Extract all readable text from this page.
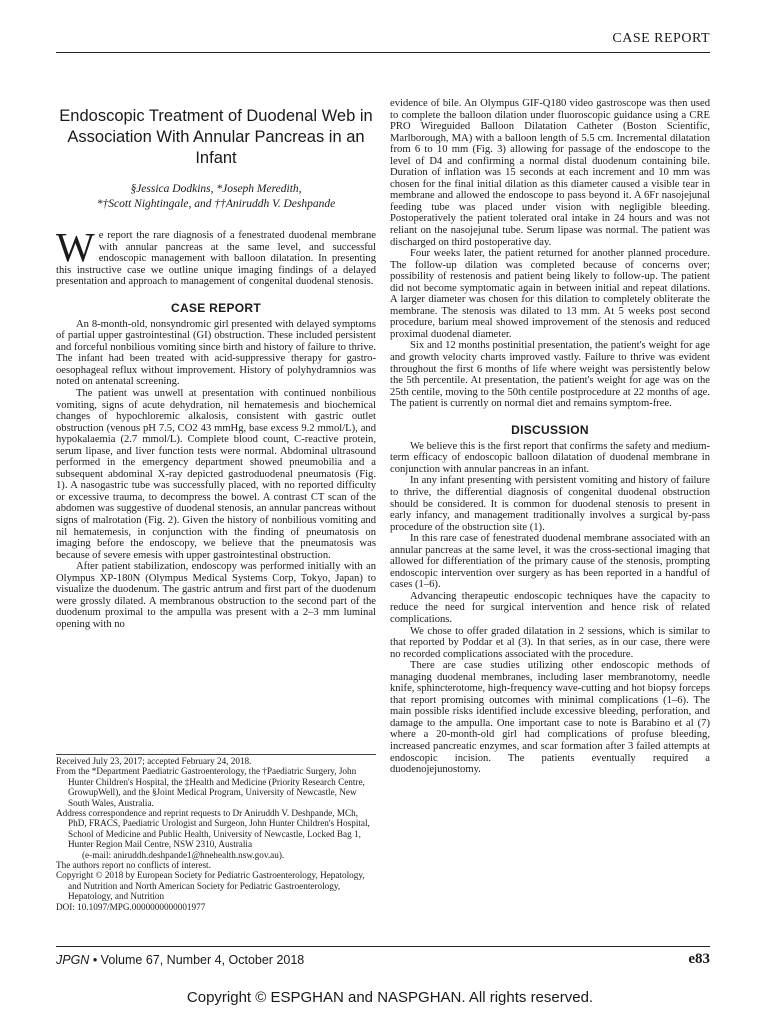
CASE REPORT
Endoscopic Treatment of Duodenal Web in Association With Annular Pancreas in an Infant
§Jessica Dodkins, *Joseph Meredith,
*†Scott Nightingale, and ††Aniruddh V. Deshpande
W e report the rare diagnosis of a fenestrated duodenal membrane with annular pancreas at the same level, and successful endoscopic management with balloon dilatation. In presenting this instructive case we outline unique imaging findings of a delayed presentation and approach to management of congenital duodenal stenosis.

CASE REPORT

An 8-month-old, nonsyndromic girl presented with delayed symptoms of partial upper gastrointestinal (GI) obstruction. These included persistent and forceful nonbilious vomiting since birth and history of failure to thrive. The infant had been treated with acid-suppressive therapy for gastro-oesophageal reflux without improvement. History of polyhydramnios was noted on antenatal screening.

The patient was unwell at presentation with continued nonbilious vomiting, signs of acute dehydration, nil hematemesis and biochemical changes of hypochloremic alkalosis, consistent with gastric outlet obstruction (venous pH 7.5, CO2 43 mmHg, base excess 9.2 mmol/L), and hypokalaemia (2.7 mmol/L). Complete blood count, C-reactive protein, serum lipase, and liver function tests were normal. Abdominal ultrasound performed in the emergency department showed pneumobilia and a subsequent abdominal X-ray depicted gastroduodenal pneumatosis (Fig. 1). A nasogastric tube was successfully placed, with no reported difficulty or excessive trauma, to decompress the bowel. A contrast CT scan of the abdomen was suggestive of duodenal stenosis, an annular pancreas without signs of malrotation (Fig. 2). Given the history of nonbilious vomiting and nil hematemesis, in conjunction with the finding of pneumatosis on imaging before the endoscopy, we believe that the pneumatosis was because of severe emesis with upper gastrointestinal obstruction.

After patient stabilization, endoscopy was performed initially with an Olympus XP-180N (Olympus Medical Systems Corp, Tokyo, Japan) to visualize the duodenum. The gastric antrum and first part of the duodenum were grossly dilated. A membranous obstruction to the second part of the duodenum proximal to the ampulla was present with a 2–3 mm luminal opening with no

Received July 23, 2017; accepted February 24, 2018.

From the *Department Paediatric Gastroenterology, the †Paediatric Surgery, John Hunter Children's Hospital, the ‡Health and Medicine (Priority Research Centre, GrowupWell), and the §Joint Medical Program, University of Newcastle, New South Wales, Australia.

Address correspondence and reprint requests to Dr Aniruddh V. Deshpande, MCh, PhD, FRACS, Paediatric Urologist and Surgeon, John Hunter Children's Hospital, School of Medicine and Public Health, University of Newcastle, Locked Bag 1, Hunter Region Mail Centre, NSW 2310, Australia

(e-mail: aniruddh.deshpande1@hnehealth.nsw.gov.au).

The authors report no conflicts of interest.

Copyright © 2018 by European Society for Pediatric Gastroenterology, Hepatology, and Nutrition and North American Society for Pediatric Gastroenterology, Hepatology, and Nutrition

DOI: 10.1097/MPG.0000000000001977

evidence of bile. An Olympus GIF-Q180 video gastroscope was then used to complete the balloon dilation under fluoroscopic guidance using a CRE PRO Wireguided Balloon Dilatation Catheter (Boston Scientific, Marlborough, MA) with a balloon length of 5.5 cm. Incremental dilatation from 6 to 10 mm (Fig. 3) allowing for passage of the endoscope to the level of D4 and confirming a normal distal duodenum containing bile. Duration of inflation was 15 seconds at each increment and 10 mm was chosen for the final initial dilation as this diameter caused a visible tear in membrane and allowed the endoscope to pass beyond it. A 6Fr nasojejunal feeding tube was placed under vision with negligible bleeding. Postoperatively the patient tolerated oral intake in 24 hours and was not reliant on the nasojejunal tube. Serum lipase was normal. The patient was discharged on third postoperative day.

Four weeks later, the patient returned for another planned procedure. The follow-up dilation was completed because of concerns over; possibility of restenosis and patient being likely to follow-up. The patient did not become symptomatic again in between initial and repeat dilations. A larger diameter was chosen for this dilation to completely obliterate the membrane. The stenosis was dilated to 13 mm. At 5 weeks post second procedure, barium meal showed improvement of the stenosis and reduced proximal duodenal diameter.

Six and 12 months postinitial presentation, the patient's weight for age and growth velocity charts improved vastly. Failure to thrive was evident throughout the first 6 months of life where weight was persistently below the 5th percentile. At presentation, the patient's weight for age was on the 25th centile, moving to the 50th centile postprocedure at 22 months of age. The patient is currently on normal diet and remains symptom-free.

DISCUSSION

We believe this is the first report that confirms the safety and medium-term efficacy of endoscopic balloon dilatation of duodenal membrane in conjunction with annular pancreas in an infant.

In any infant presenting with persistent vomiting and history of failure to thrive, the differential diagnosis of congenital duodenal obstruction should be considered. It is common for duodenal stenosis to present in early infancy, and management traditionally involves a surgical by-pass procedure of the obstruction site (1).

In this rare case of fenestrated duodenal membrane associated with an annular pancreas at the same level, it was the cross-sectional imaging that allowed for differentiation of the primary cause of the stenosis, prompting endoscopic intervention over surgery as has been reported in a handful of cases (1–6).

Advancing therapeutic endoscopic techniques have the capacity to reduce the need for surgical intervention and hence risk of related complications.

We chose to offer graded dilatation in 2 sessions, which is similar to that reported by Poddar et al (3). In that series, as in our case, there were no recorded complications associated with the procedure.

There are case studies utilizing other endoscopic methods of managing duodenal membranes, including laser membranotomy, needle knife, sphincterotome, high-frequency wave-cutting and hot biopsy forceps that report promising outcomes with minimal complications (1–6). The main possible risks identified include excessive bleeding, perforation, and damage to the ampulla. One important case to note is Barabino et al (7) where a 20-month-old girl had complications of profuse bleeding, increased pancreatic enzymes, and scar formation after 3 failed attempts at endoscopic incision. The patients eventually required a duodenojejunostomy.

JPGN • Volume 67, Number 4, October 2018	e83
Copyright © ESPGHAN and NASPGHAN. All rights reserved.
